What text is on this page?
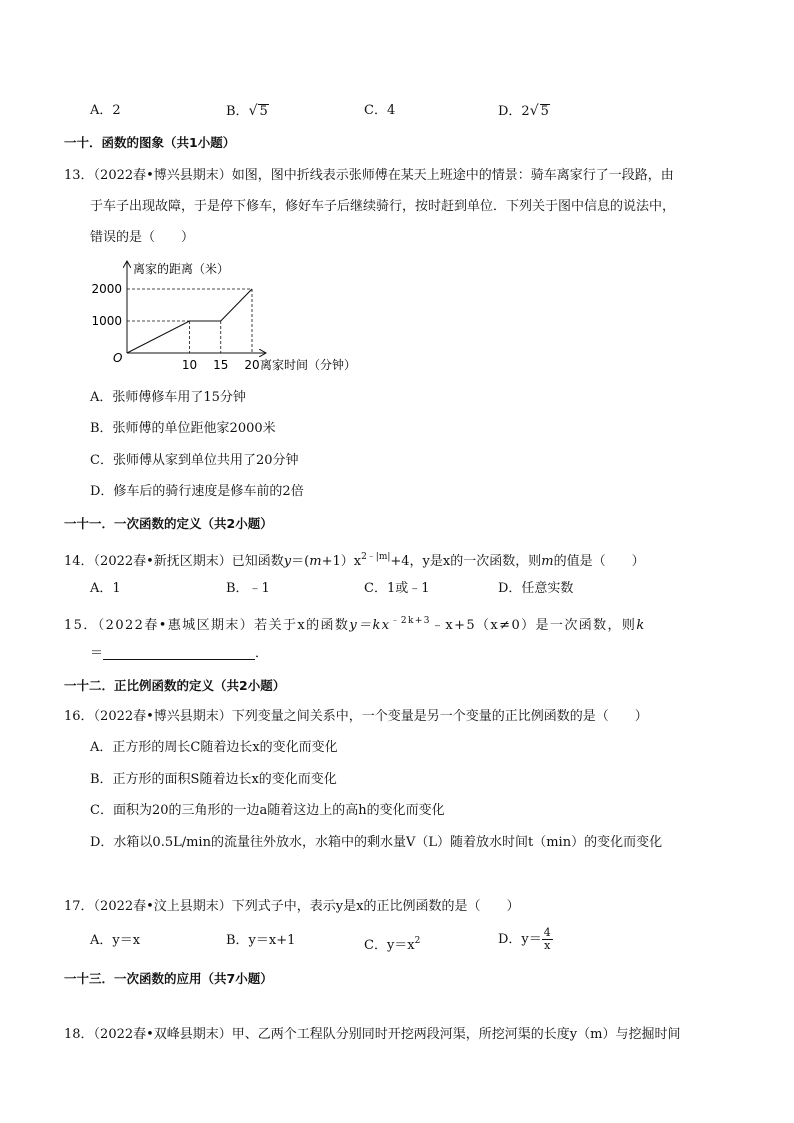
A．2	B．√ 5	C．4	D．2√ 5
一十．函数的图象（共1小题）
13．（2022春•博兴县期末）如图，图中折线表示张师傅在某天上班途中的情景：骑车离家行了一段路，由
于车子出现故障，于是停下修车，修好车子后继续骑行，按时赶到单位．下列关于图中信息的说法中，
错误的是（　　）
离家的距离（米）
离家时间（分钟）
O
1000
2000
10 15 20
A．张师傅修车用了15分钟
B．张师傅的单位距他家2000米
C．张师傅从家到单位共用了20分钟
D．修车后的骑行速度是修车前的2倍
一十一．一次函数的定义（共2小题）
14．（2022春•新抚区期末）已知函数$y=(m+1)x^{2﹣|m|}+4$，y是x的一次函数，则m的值是（　　）
A．1	B．﹣1	C．1或﹣1	D．任意实数
15．（2022春•惠城区期末）若关于x的函数$y=kx^{﹣2k+3}﹣x+5(x\ne 0)$是一次函数，则k
＝	．
一十二．正比例函数的定义（共2小题）
16．（2022春•博兴县期末）下列变量之间关系中，一个变量是另一个变量的正比例函数的是（　　）
A．正方形的周长C随着边长x的变化而变化
B．正方形的面积S随着边长x的变化而变化
C．面积为20的三角形的一边a随着这边上的高h的变化而变化
D．水箱以0.5L/min的流量往外放水，水箱中的剩水量V（L）随着放水时间t（min）的变化而变化
17．（2022春•汶上县期末）下列式子中，表示y是x的正比例函数的是（　　）
A．y＝x	B．y＝x+1	C．$y=x^2$	D．$y= \frac{4}{x}$
一十三．一次函数的应用（共7小题）
18．（2022春•双峰县期末）甲、乙两个工程队分别同时开挖两段河渠，所挖河渠的长度y（m）与挖掘时间
